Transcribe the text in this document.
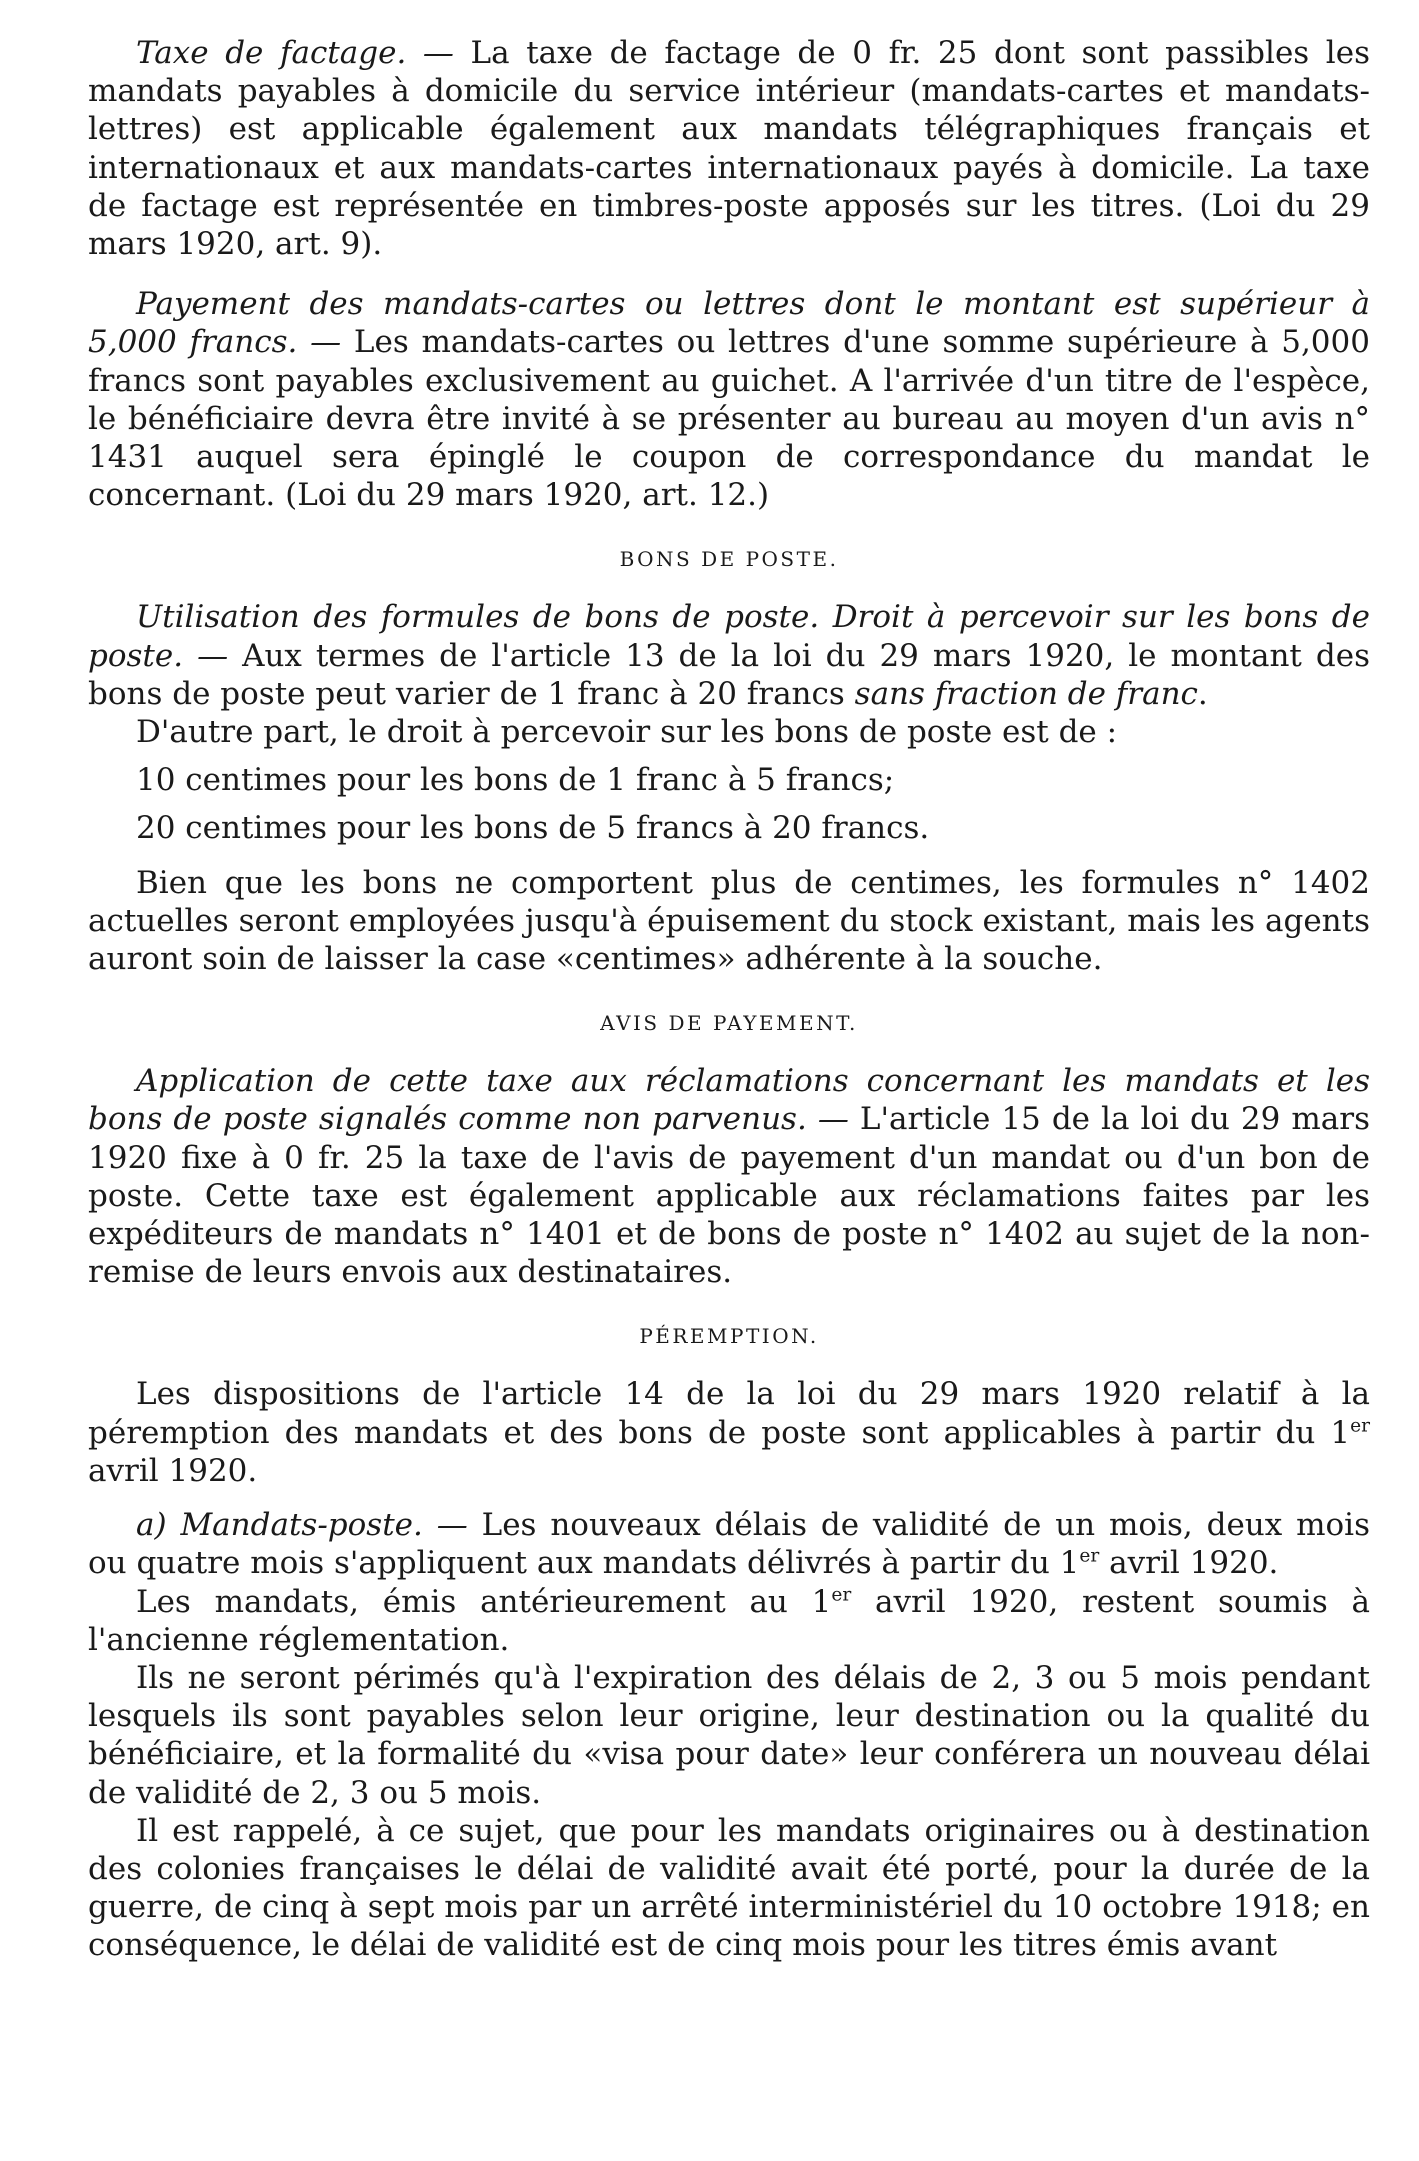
Taxe de factage. — La taxe de factage de 0 fr. 25 dont sont passibles les mandats payables à domicile du service intérieur (mandats-cartes et mandats-lettres) est applicable également aux mandats télégraphiques français et internationaux et aux mandats-cartes internationaux payés à domicile. La taxe de factage est représentée en timbres-poste apposés sur les titres. (Loi du 29 mars 1920, art. 9).

Payement des mandats-cartes ou lettres dont le montant est supérieur à 5,000 francs. — Les mandats-cartes ou lettres d'une somme supérieure à 5,000 francs sont payables exclusivement au guichet. A l'arrivée d'un titre de l'espèce, le bénéficiaire devra être invité à se présenter au bureau au moyen d'un avis n° 1431 auquel sera épinglé le coupon de correspondance du mandat le concernant. (Loi du 29 mars 1920, art. 12.)

BONS DE POSTE.

Utilisation des formules de bons de poste. Droit à percevoir sur les bons de poste. — Aux termes de l'article 13 de la loi du 29 mars 1920, le montant des bons de poste peut varier de 1 franc à 20 francs sans fraction de franc.

D'autre part, le droit à percevoir sur les bons de poste est de :

10 centimes pour les bons de 1 franc à 5 francs;

20 centimes pour les bons de 5 francs à 20 francs.

Bien que les bons ne comportent plus de centimes, les formules n° 1402 actuelles seront employées jusqu'à épuisement du stock existant, mais les agents auront soin de laisser la case «centimes» adhérente à la souche.

AVIS DE PAYEMENT.

Application de cette taxe aux réclamations concernant les mandats et les bons de poste signalés comme non parvenus. — L'article 15 de la loi du 29 mars 1920 fixe à 0 fr. 25 la taxe de l'avis de payement d'un mandat ou d'un bon de poste. Cette taxe est également applicable aux réclamations faites par les expéditeurs de mandats n° 1401 et de bons de poste n° 1402 au sujet de la non-remise de leurs envois aux destinataires.

PÉREMPTION.

Les dispositions de l'article 14 de la loi du 29 mars 1920 relatif à la péremption des mandats et des bons de poste sont applicables à partir du 1er avril 1920.

a) Mandats-poste. — Les nouveaux délais de validité de un mois, deux mois ou quatre mois s'appliquent aux mandats délivrés à partir du 1er avril 1920.

Les mandats, émis antérieurement au 1er avril 1920, restent soumis à l'ancienne réglementation.

Ils ne seront périmés qu'à l'expiration des délais de 2, 3 ou 5 mois pendant lesquels ils sont payables selon leur origine, leur destination ou la qualité du bénéficiaire, et la formalité du «visa pour date» leur conférera un nouveau délai de validité de 2, 3 ou 5 mois.

Il est rappelé, à ce sujet, que pour les mandats originaires ou à destination des colonies françaises le délai de validité avait été porté, pour la durée de la guerre, de cinq à sept mois par un arrêté interministériel du 10 octobre 1918; en conséquence, le délai de validité est de cinq mois pour les titres émis avant
